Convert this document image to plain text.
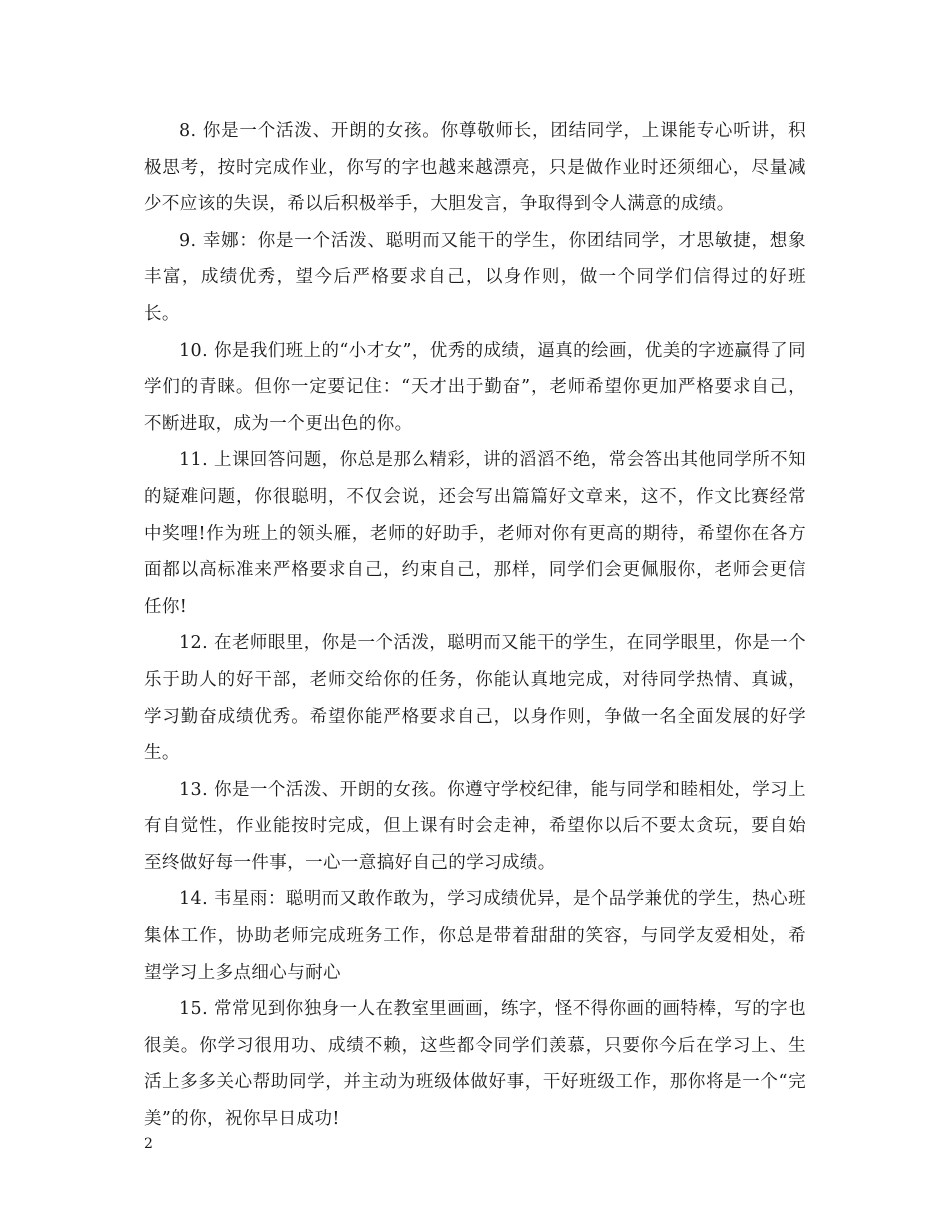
8. 你是一个活泼、开朗的女孩。你尊敬师长，团结同学，上课能专心听讲，积极思考，按时完成作业，你写的字也越来越漂亮，只是做作业时还须细心，尽量减少不应该的失误，希以后积极举手，大胆发言，争取得到令人满意的成绩。

9. 幸娜：你是一个活泼、聪明而又能干的学生，你团结同学，才思敏捷，想象丰富，成绩优秀，望今后严格要求自己，以身作则，做一个同学们信得过的好班长。

10. 你是我们班上的“小才女”，优秀的成绩，逼真的绘画，优美的字迹赢得了同学们的青睐。但你一定要记住：“天才出于勤奋”，老师希望你更加严格要求自己，不断进取，成为一个更出色的你。

11. 上课回答问题，你总是那么精彩，讲的滔滔不绝，常会答出其他同学所不知的疑难问题，你很聪明，不仅会说，还会写出篇篇好文章来，这不，作文比赛经常中奖哩!作为班上的领头雁，老师的好助手，老师对你有更高的期待，希望你在各方面都以高标准来严格要求自己，约束自己，那样，同学们会更佩服你，老师会更信任你!

12. 在老师眼里，你是一个活泼，聪明而又能干的学生，在同学眼里，你是一个乐于助人的好干部，老师交给你的任务，你能认真地完成，对待同学热情、真诚，学习勤奋成绩优秀。希望你能严格要求自己，以身作则，争做一名全面发展的好学生。

13. 你是一个活泼、开朗的女孩。你遵守学校纪律，能与同学和睦相处，学习上有自觉性，作业能按时完成，但上课有时会走神，希望你以后不要太贪玩，要自始至终做好每一件事，一心一意搞好自己的学习成绩。

14. 韦星雨：聪明而又敢作敢为，学习成绩优异，是个品学兼优的学生，热心班集体工作，协助老师完成班务工作，你总是带着甜甜的笑容，与同学友爱相处，希望学习上多点细心与耐心

15. 常常见到你独身一人在教室里画画，练字，怪不得你画的画特棒，写的字也很美。你学习很用功、成绩不赖，这些都令同学们羡慕，只要你今后在学习上、生活上多多关心帮助同学，并主动为班级体做好事，干好班级工作，那你将是一个“完美”的你，祝你早日成功!

2
